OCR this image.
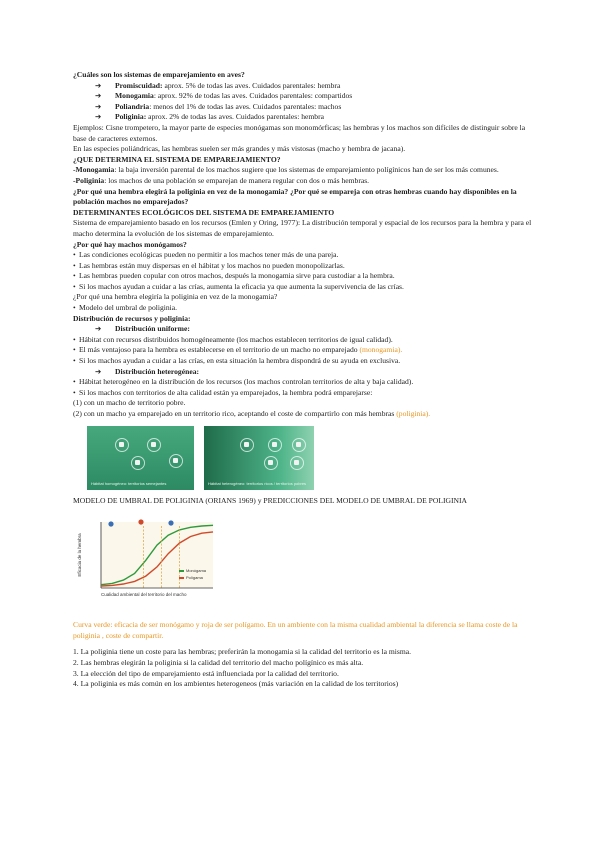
¿Cuáles son los sistemas de emparejamiento en aves?

➔ Promiscuidad: aprox. 5% de todas las aves. Cuidados parentales: hembra

➔ Monogamia: aprox. 92% de todas las aves. Cuidados parentales: compartidos

➔ Poliandria: menos del 1% de todas las aves. Cuidados parentales: machos

➔ Poliginia: aprox. 2% de todas las aves. Cuidados parentales: hembra

Ejemplos: Cisne trompetero, la mayor parte de especies monógamas son monomórficas; las hembras y los machos son difíciles de distinguir sobre la base de caracteres externos.

En las especies poliándricas, las hembras suelen ser más grandes y más vistosas (macho y hembra de jacana).

¿QUE DETERMINA EL SISTEMA DE EMPAREJAMIENTO?

-Monogamia: la baja inversión parental de los machos sugiere que los sistemas de emparejamiento polígínicos han de ser los más comunes.

-Poliginia: los machos de una población se emparejan de manera regular con dos o más hembras.

¿Por qué una hembra elegirá la poliginia en vez de la monogamia? ¿Por qué se empareja con otras hembras cuando hay disponibles en la población machos no emparejados?

DETERMINANTES ECOLÓGICOS DEL SISTEMA DE EMPAREJAMIENTO

Sistema de emparejamiento basado en los recursos (Emlen y Oring, 1977): La distribución temporal y espacial de los recursos para la hembra y para el macho determina la evolución de los sistemas de emparejamiento.

¿Por qué hay machos monógamos?

• Las condiciones ecológicas pueden no permitir a los machos tener más de una pareja.

• Las hembras están muy dispersas en el hábitat y los machos no pueden monopolizarlas.

• Las hembras pueden copular con otros machos, después la monogamia sirve para custodiar a la hembra.

• Si los machos ayudan a cuidar a las crías, aumenta la eficacia ya que aumenta la supervivencia de las crías.

¿Por qué una hembra elegiría la poliginia en vez de la monogamia?

• Modelo del umbral de poliginia.

Distribución de recursos y poliginia:

➔ Distribución uniforme:

• Hábitat con recursos distribuidos homogéneamente (los machos establecen territorios de igual calidad).

• El más ventajoso para la hembra es establecerse en el territorio de un macho no emparejado (monogamia).

• Si los machos ayudan a cuidar a las crías, en esta situación la hembra dispondrá de su ayuda en exclusiva.

➔ Distribución heterogénea:

• Hábitat heterogéneo en la distribución de los recursos (los machos controlan territorios de alta y baja calidad).

• Si los machos con territorios de alta calidad están ya emparejados, la hembra podrá emparejarse:

(1) con un macho de territorio pobre.

(2) con un macho ya emparejado en un territorio rico, aceptando el coste de compartirlo con más hembras (poliginia).

Hábitat homogéneo: territorios semejantes	Hábitat heterogéneo: territorios ricos / territorios pobres

MODELO DE UMBRAL DE POLIGINIA (ORIANS 1969) y PREDICCIONES DEL MODELO DE UMBRAL DE POLIGINIA

Monógama
Polígama
Eficacia de la hembra
Cualidad ambiental del territorio del macho

Curva verde: eficacia de ser monógamo y roja de ser polígamo. En un ambiente con la misma cualidad ambiental la diferencia se llama coste de la poliginia , coste de compartir.

1. La poliginia tiene un coste para las hembras; preferirán la monogamia si la calidad del territorio es la misma.

2. Las hembras elegirán la poliginia si la calidad del territorio del macho polígínico es más alta.

3. La elección del tipo de emparejamiento está influenciada por la calidad del territorio.

4. La poliginia es más común en los ambientes heterogeneos (más variación en la calidad de los territorios)
